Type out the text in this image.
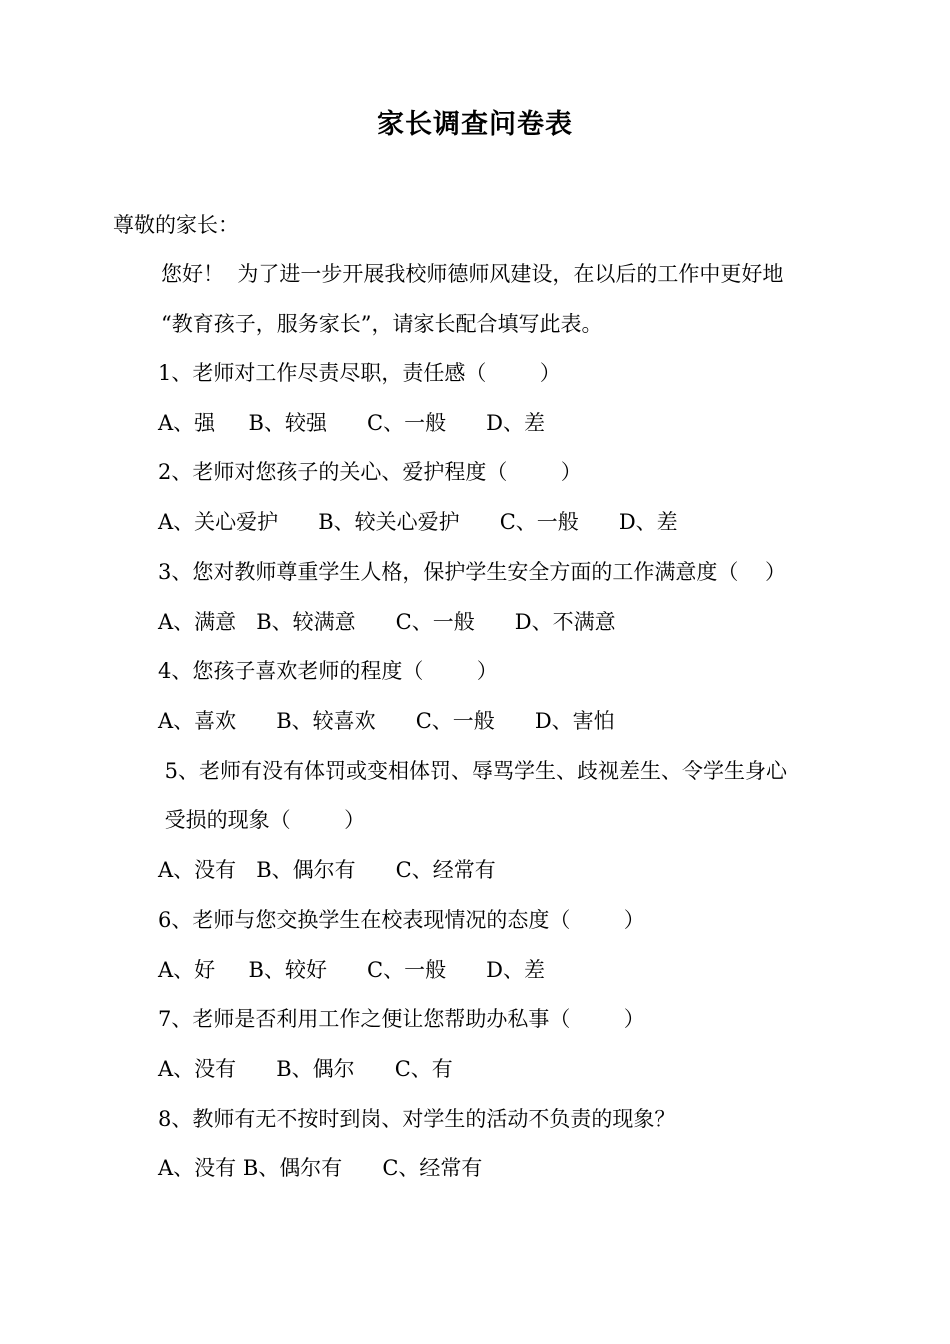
家长调查问卷表
尊敬的家长：
您好！  为了进一步开展我校师德师风建设，在以后的工作中更好地
“教育孩子，服务家长”，请家长配合填写此表。
1、老师对工作尽责尽职，责任感（        ）
A、强     B、较强      C、一般      D、差
2、老师对您孩子的关心、爱护程度（        ）
A、关心爱护      B、较关心爱护      C、一般      D、差
3、您对教师尊重学生人格，保护学生安全方面的工作满意度（    ）
A、满意   B、较满意      C、一般      D、不满意
4、您孩子喜欢老师的程度（        ）
A、喜欢      B、较喜欢      C、一般      D、害怕
5、老师有没有体罚或变相体罚、辱骂学生、歧视差生、令学生身心
受损的现象（        ）
A、没有   B、偶尔有      C、经常有
6、老师与您交换学生在校表现情况的态度（        ）
A、好     B、较好      C、一般      D、差
7、老师是否利用工作之便让您帮助办私事（        ）
A、没有      B、偶尔      C、有
8、教师有无不按时到岗、对学生的活动不负责的现象？
A、没有 B、偶尔有      C、经常有
